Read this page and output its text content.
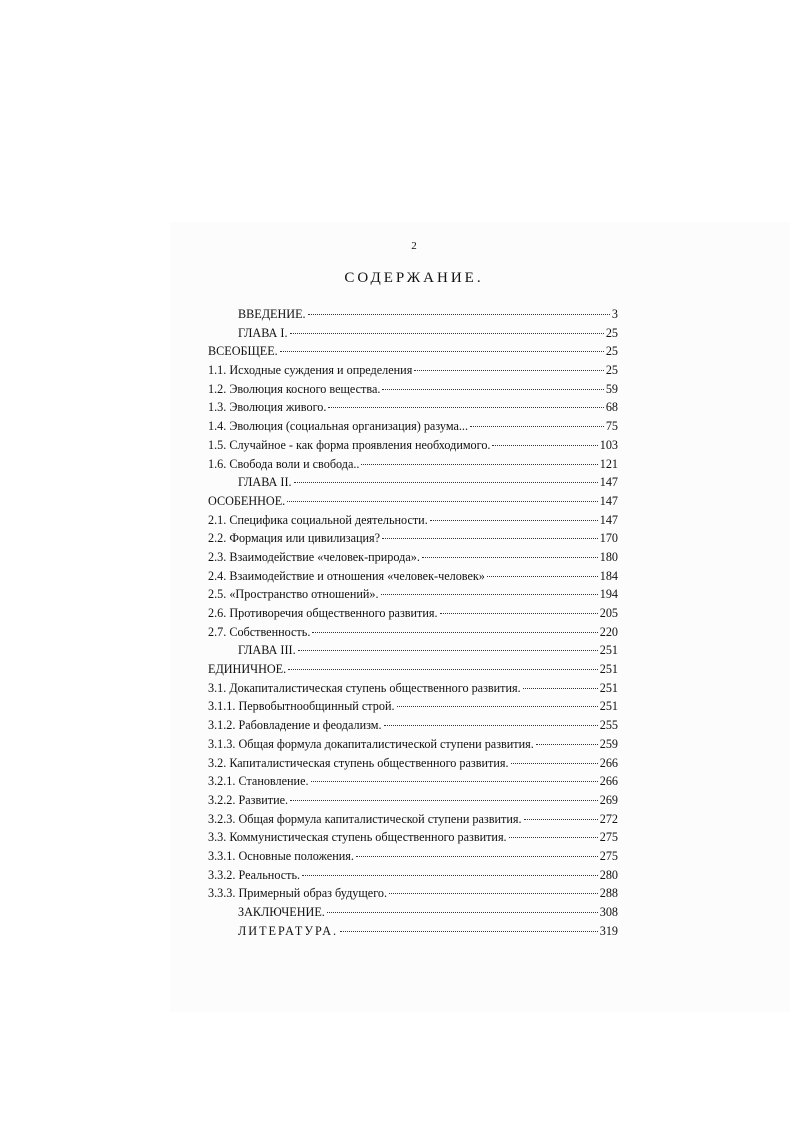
2
СОДЕРЖАНИЕ.
ВВЕДЕНИЕ.	3
ГЛАВА I.	25
ВСЕОБЩЕЕ.	25
1.1. Исходные суждения и определения	25
1.2. Эволюция косного вещества.	59
1.3. Эволюция живого.	68
1.4. Эволюция (социальная организация) разума...	75
1.5. Случайное - как форма проявления необходимого.	103
1.6. Свобода воли и свобода..	121
ГЛАВА II.	147
ОСОБЕННОЕ.	147
2.1. Специфика социальной деятельности.	147
2.2. Формация или цивилизация?	170
2.3. Взаимодействие «человек-природа».	180
2.4. Взаимодействие и отношения «человек-человек»	184
2.5. «Пространство отношений».	194
2.6. Противоречия общественного развития.	205
2.7. Собственность.	220
ГЛАВА III.	251
ЕДИНИЧНОЕ.	251
3.1. Докапиталистическая ступень общественного развития.	251
3.1.1. Первобытнообщинный строй.	251
3.1.2. Рабовладение и феодализм.	255
3.1.3. Общая формула докапиталистической ступени развития.	259
3.2. Капиталистическая ступень общественного развития.	266
3.2.1. Становление.	266
3.2.2. Развитие.	269
3.2.3. Общая формула капиталистической ступени развития.	272
3.3. Коммунистическая ступень общественного развития.	275
3.3.1. Основные положения.	275
3.3.2. Реальность.	280
3.3.3. Примерный образ будущего.	288
ЗАКЛЮЧЕНИЕ.	308
ЛИТЕРАТУРА.	319
